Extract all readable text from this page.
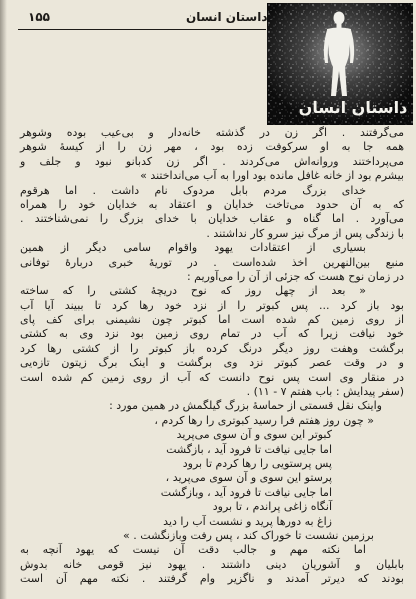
۱۵۵	داستان انسان
داستان انسان
می‌گرفتند . اگر زن در گذشته خانه‌دار و بی‌عیب بوده وشوهر
همه جا به او سرکوفت زده بود ، مهر زن را از کیسهٔ شوهر
می‌پرداختند وروانه‌اش می‌کردند . اگر زن کدبانو نبود و جلف و
بیشرم بود از خانه غافل مانده بود اورا به آب می‌انداختند »
خدای بزرگ مردم بابل مردوک نام داشت . اما هرقوم
که به آن حدود می‌تاخت خدایان و اعتقاد به خدایان خود را همراه
می‌آورد . اما گناه و عقاب خدایان با خدای بزرگ را نمی‌شناختند .
با زندگی پس از مرگ نیز سرو کار نداشتند .
بسیاری از اعتقادات یهود واقوام سامی دیگر از همین
منبع بین‌النهرین اخذ شده‌است . در توریهٔ خبری دربارهٔ توفانی
در زمان نوح هست که جزئی از آن را می‌آوریم :
« بعد از چهل روز که نوح دریچهٔ کشتی را که ساخته
بود باز کرد ... پس کبوتر را از نزد خود رها کرد تا ببیند آیا آب
از روی زمین کم شده است اما کبوتر چون نشیمنی برای کف پای
خود نیافت زیرا که آب در تمام روی زمین بود نزد وی به کشتی
برگشت وهفت روز دیگر درنگ کرده باز کبوتر را از کشتی رها کرد
و در وقت عصر کبوتر نزد وی برگشت و اینک برگ زیتون تازه‌یی
در منقار وی است پس نوح دانست که آب از روی زمین کم شده است
(سفر پیدایش : باب هفتم ۷ - ۱۱) .
واینک نقل قسمتی از حماسهٔ بزرگ گیلگمش در همین مورد :
« چون روز هفتم فرا رسید کبوتری را رها کردم ،
کبوتر این سوی و آن سوی می‌پرید
اما جایی نیافت تا فرود آید ، بازگشت
پس پرستویی را رها کردم تا برود
پرستو این سوی و آن سوی می‌پرید ،
اما جایی نیافت تا فرود آید ، وبازگشت
آنگاه زاغی پراندم ، تا برود
زاغ به دورها پرید و نشست آب را دید
برزمین نشست تا خوراک کند ، پس رفت وبازنگشت . »
اما نکته مهم و جالب دقت آن نیست که یهود آنچه به
بابلیان و آشوریان دینی داشتند . یهود نیز قومی خانه بدوش
بودند که دیرتر آمدند و ناگزیر وام گرفتند . نکته مهم آن است
